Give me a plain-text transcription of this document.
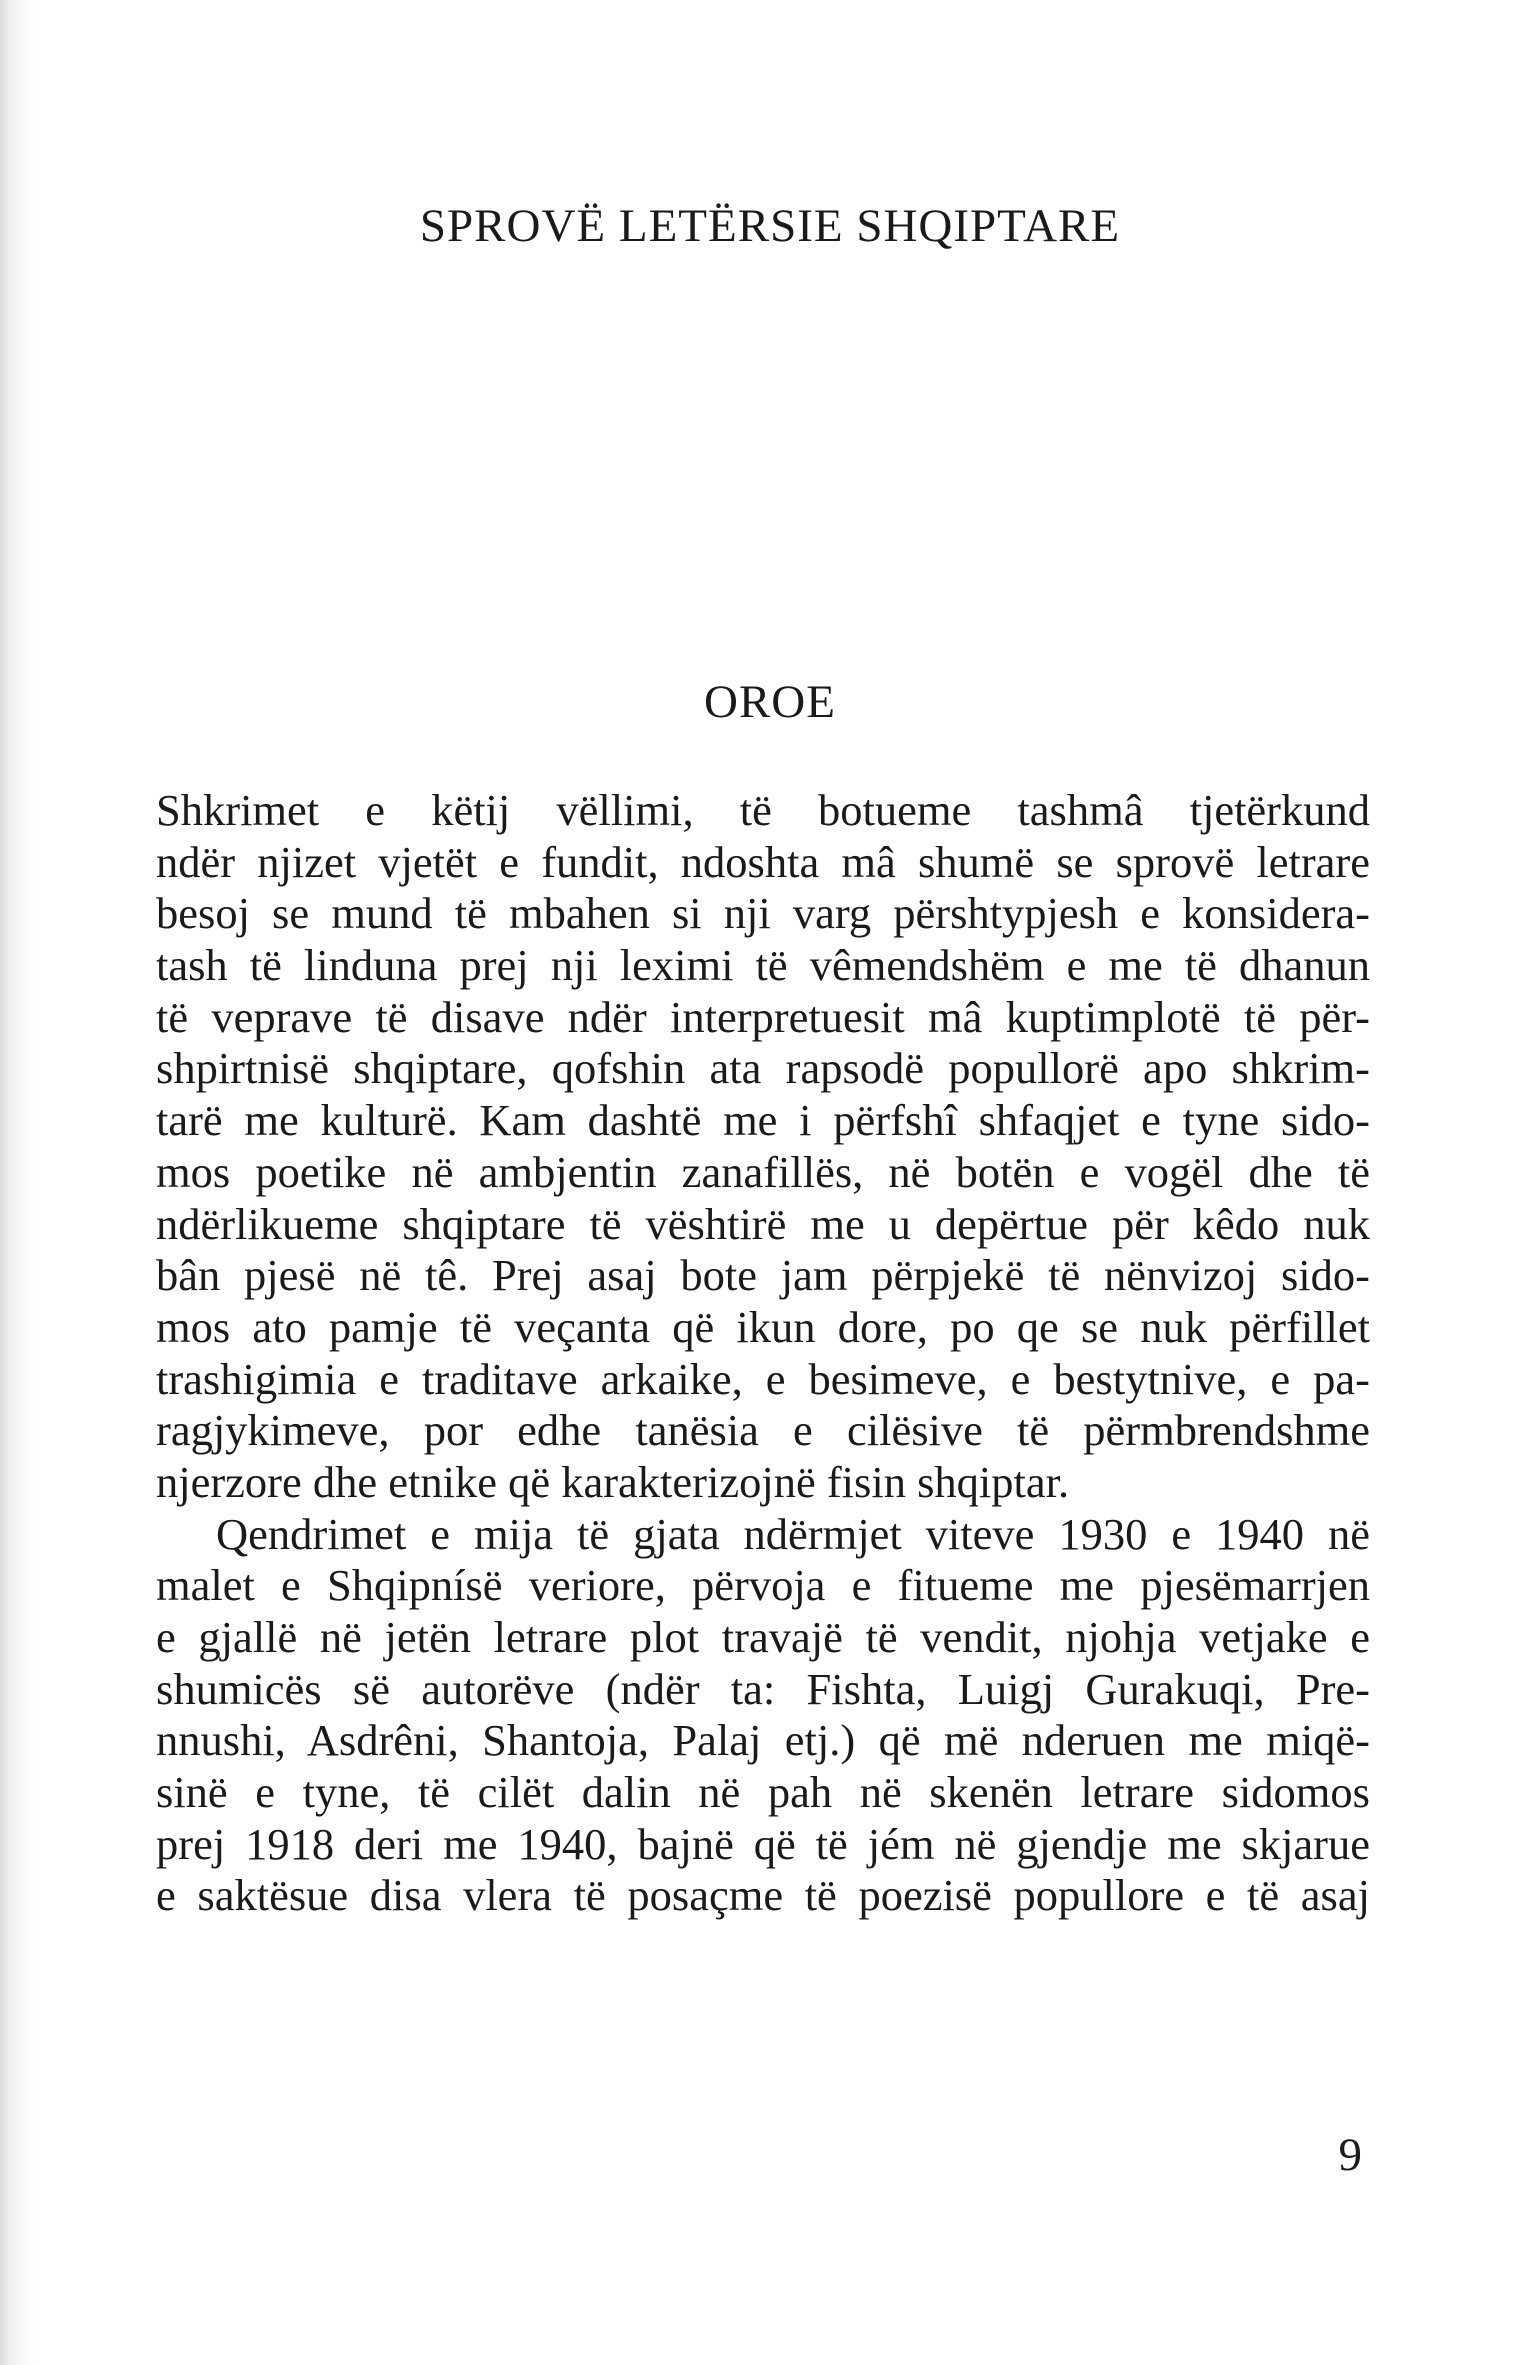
SPROVË LETËRSIE SHQIPTARE
OROE
Shkrimet e këtij vëllimi, të botueme tashmâ tjetërkund
ndër njizet vjetët e fundit, ndoshta mâ shumë se sprovë letrare
besoj se mund të mbahen si nji varg përshtypjesh e konsidera-
tash të linduna prej nji leximi të vêmendshëm e me të dhanun
të veprave të disave ndër interpretuesit mâ kuptimplotë të për-
shpirtnisë shqiptare, qofshin ata rapsodë popullorë apo shkrim-
tarë me kulturë. Kam dashtë me i përfshî shfaqjet e tyne sido-
mos poetike në ambjentin zanafillës, në botën e vogël dhe të
ndërlikueme shqiptare të vështirë me u depërtue për kêdo nuk
bân pjesë në tê. Prej asaj bote jam përpjekë të nënvizoj sido-
mos ato pamje të veçanta që ikun dore, po qe se nuk përfillet
trashigimia e traditave arkaike, e besimeve, e bestytnive, e pa-
ragjykimeve, por edhe tanësia e cilësive të përmbrendshme
njerzore dhe etnike që karakterizojnë fisin shqiptar.
Qendrimet e mija të gjata ndërmjet viteve 1930 e 1940 në
malet e Shqipnísë veriore, përvoja e fitueme me pjesëmarrjen
e gjallë në jetën letrare plot travajë të vendit, njohja vetjake e
shumicës së autorëve (ndër ta: Fishta, Luigj Gurakuqi, Pre-
nnushi, Asdrêni, Shantoja, Palaj etj.) që më nderuen me miqë-
sinë e tyne, të cilët dalin në pah në skenën letrare sidomos
prej 1918 deri me 1940, bajnë që të jém në gjendje me skjarue
e saktësue disa vlera të posaçme të poezisë popullore e të asaj
9
